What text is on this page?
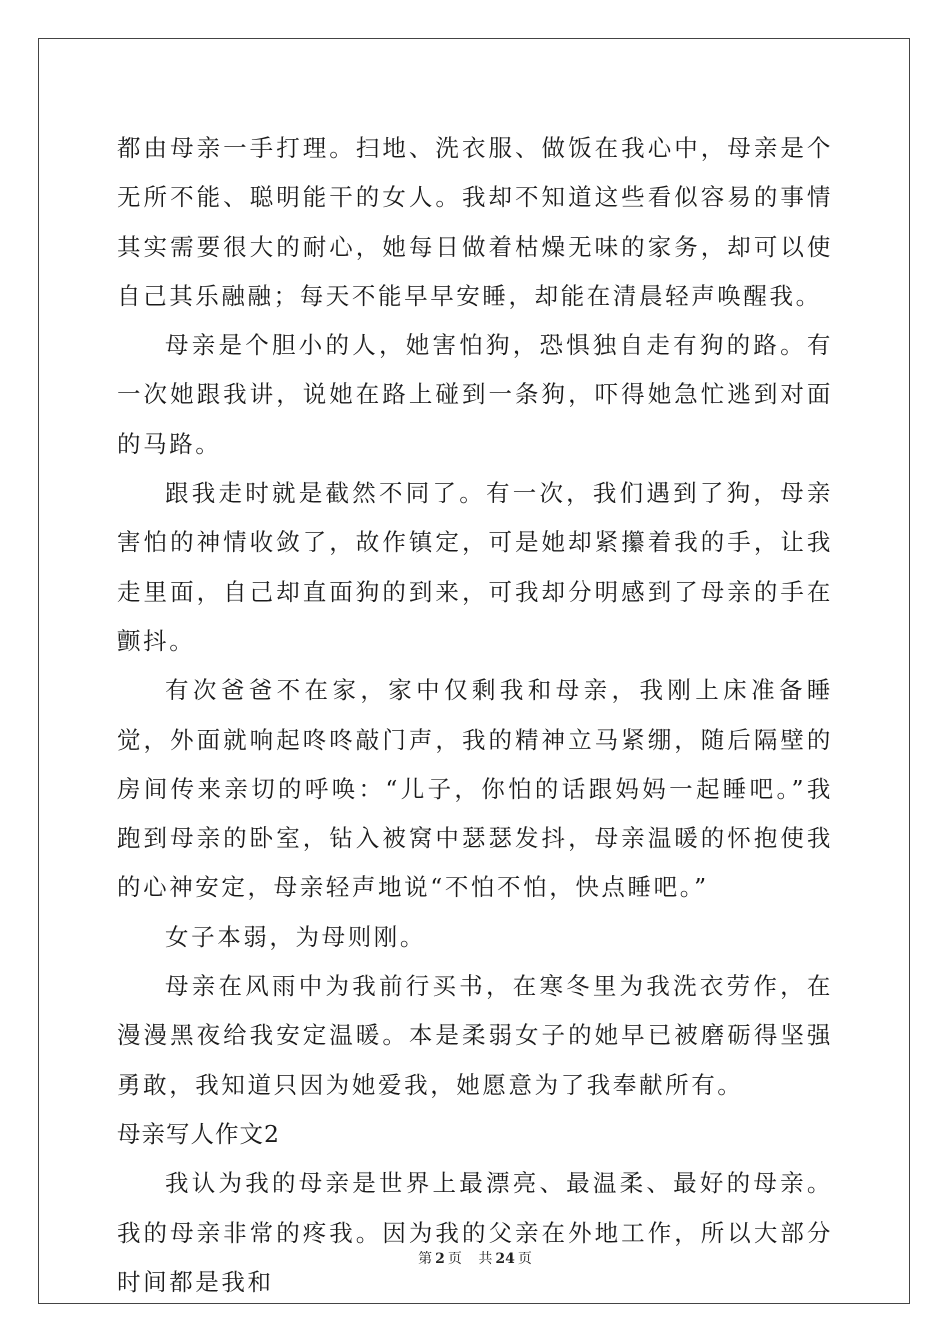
都由母亲一手打理。扫地、洗衣服、做饭在我心中，母亲是个无所不能、聪明能干的女人。我却不知道这些看似容易的事情其实需要很大的耐心，她每日做着枯燥无味的家务，却可以使自己其乐融融；每天不能早早安睡，却能在清晨轻声唤醒我。

母亲是个胆小的人，她害怕狗，恐惧独自走有狗的路。有一次她跟我讲，说她在路上碰到一条狗，吓得她急忙逃到对面的马路。

跟我走时就是截然不同了。有一次，我们遇到了狗，母亲害怕的神情收敛了，故作镇定，可是她却紧攥着我的手，让我走里面，自己却直面狗的到来，可我却分明感到了母亲的手在颤抖。

有次爸爸不在家，家中仅剩我和母亲，我刚上床准备睡觉，外面就响起咚咚敲门声，我的精神立马紧绷，随后隔壁的房间传来亲切的呼唤：“儿子，你怕的话跟妈妈一起睡吧。”我跑到母亲的卧室，钻入被窝中瑟瑟发抖，母亲温暖的怀抱使我的心神安定，母亲轻声地说“不怕不怕，快点睡吧。”

女子本弱，为母则刚。

母亲在风雨中为我前行买书，在寒冬里为我洗衣劳作，在漫漫黑夜给我安定温暖。本是柔弱女子的她早已被磨砺得坚强勇敢，我知道只因为她爱我，她愿意为了我奉献所有。

母亲写人作文2

我认为我的母亲是世界上最漂亮、最温柔、最好的母亲。我的母亲非常的疼我。因为我的父亲在外地工作，所以大部分时间都是我和

第 2 页 共 24 页
